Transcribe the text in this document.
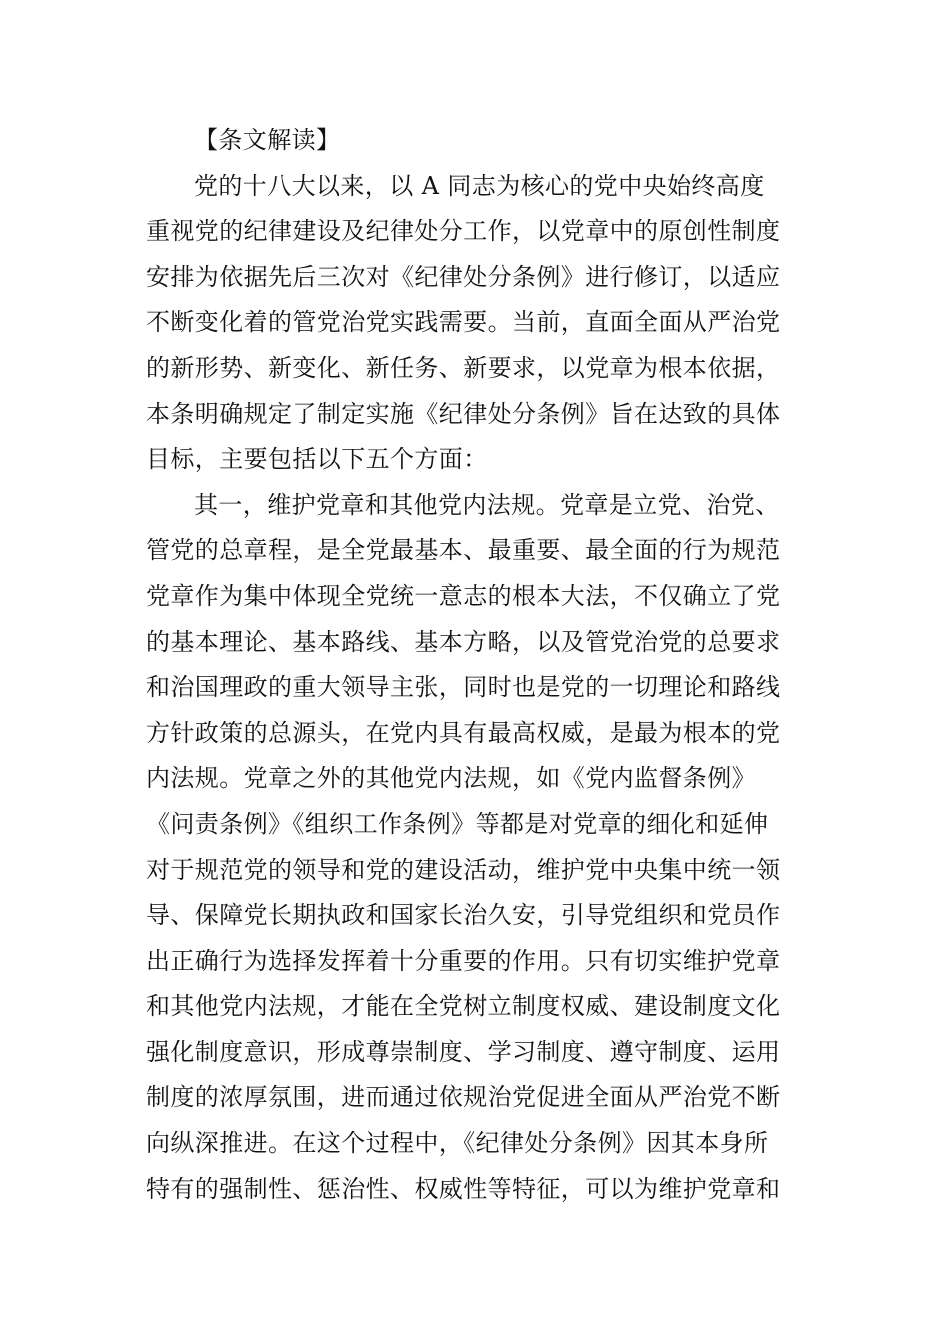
【条文解读】
党的十八大以来，以 A 同志为核心的党中央始终高度
重视党的纪律建设及纪律处分工作，以党章中的原创性制度
安排为依据先后三次对《纪律处分条例》进行修订，以适应
不断变化着的管党治党实践需要。当前，直面全面从严治党
的新形势、新变化、新任务、新要求，以党章为根本依据，
本条明确规定了制定实施《纪律处分条例》旨在达致的具体
目标，主要包括以下五个方面：
其一，维护党章和其他党内法规。党章是立党、治党、
管党的总章程，是全党最基本、最重要、最全面的行为规范
党章作为集中体现全党统一意志的根本大法，不仅确立了党
的基本理论、基本路线、基本方略，以及管党治党的总要求
和治国理政的重大领导主张，同时也是党的一切理论和路线
方针政策的总源头，在党内具有最高权威，是最为根本的党
内法规。党章之外的其他党内法规，如《党内监督条例》
《问责条例》《组织工作条例》等都是对党章的细化和延伸
对于规范党的领导和党的建设活动，维护党中央集中统一领
导、保障党长期执政和国家长治久安，引导党组织和党员作
出正确行为选择发挥着十分重要的作用。只有切实维护党章
和其他党内法规，才能在全党树立制度权威、建设制度文化
强化制度意识，形成尊崇制度、学习制度、遵守制度、运用
制度的浓厚氛围，进而通过依规治党促进全面从严治党不断
向纵深推进。在这个过程中，《纪律处分条例》因其本身所
特有的强制性、惩治性、权威性等特征，可以为维护党章和
